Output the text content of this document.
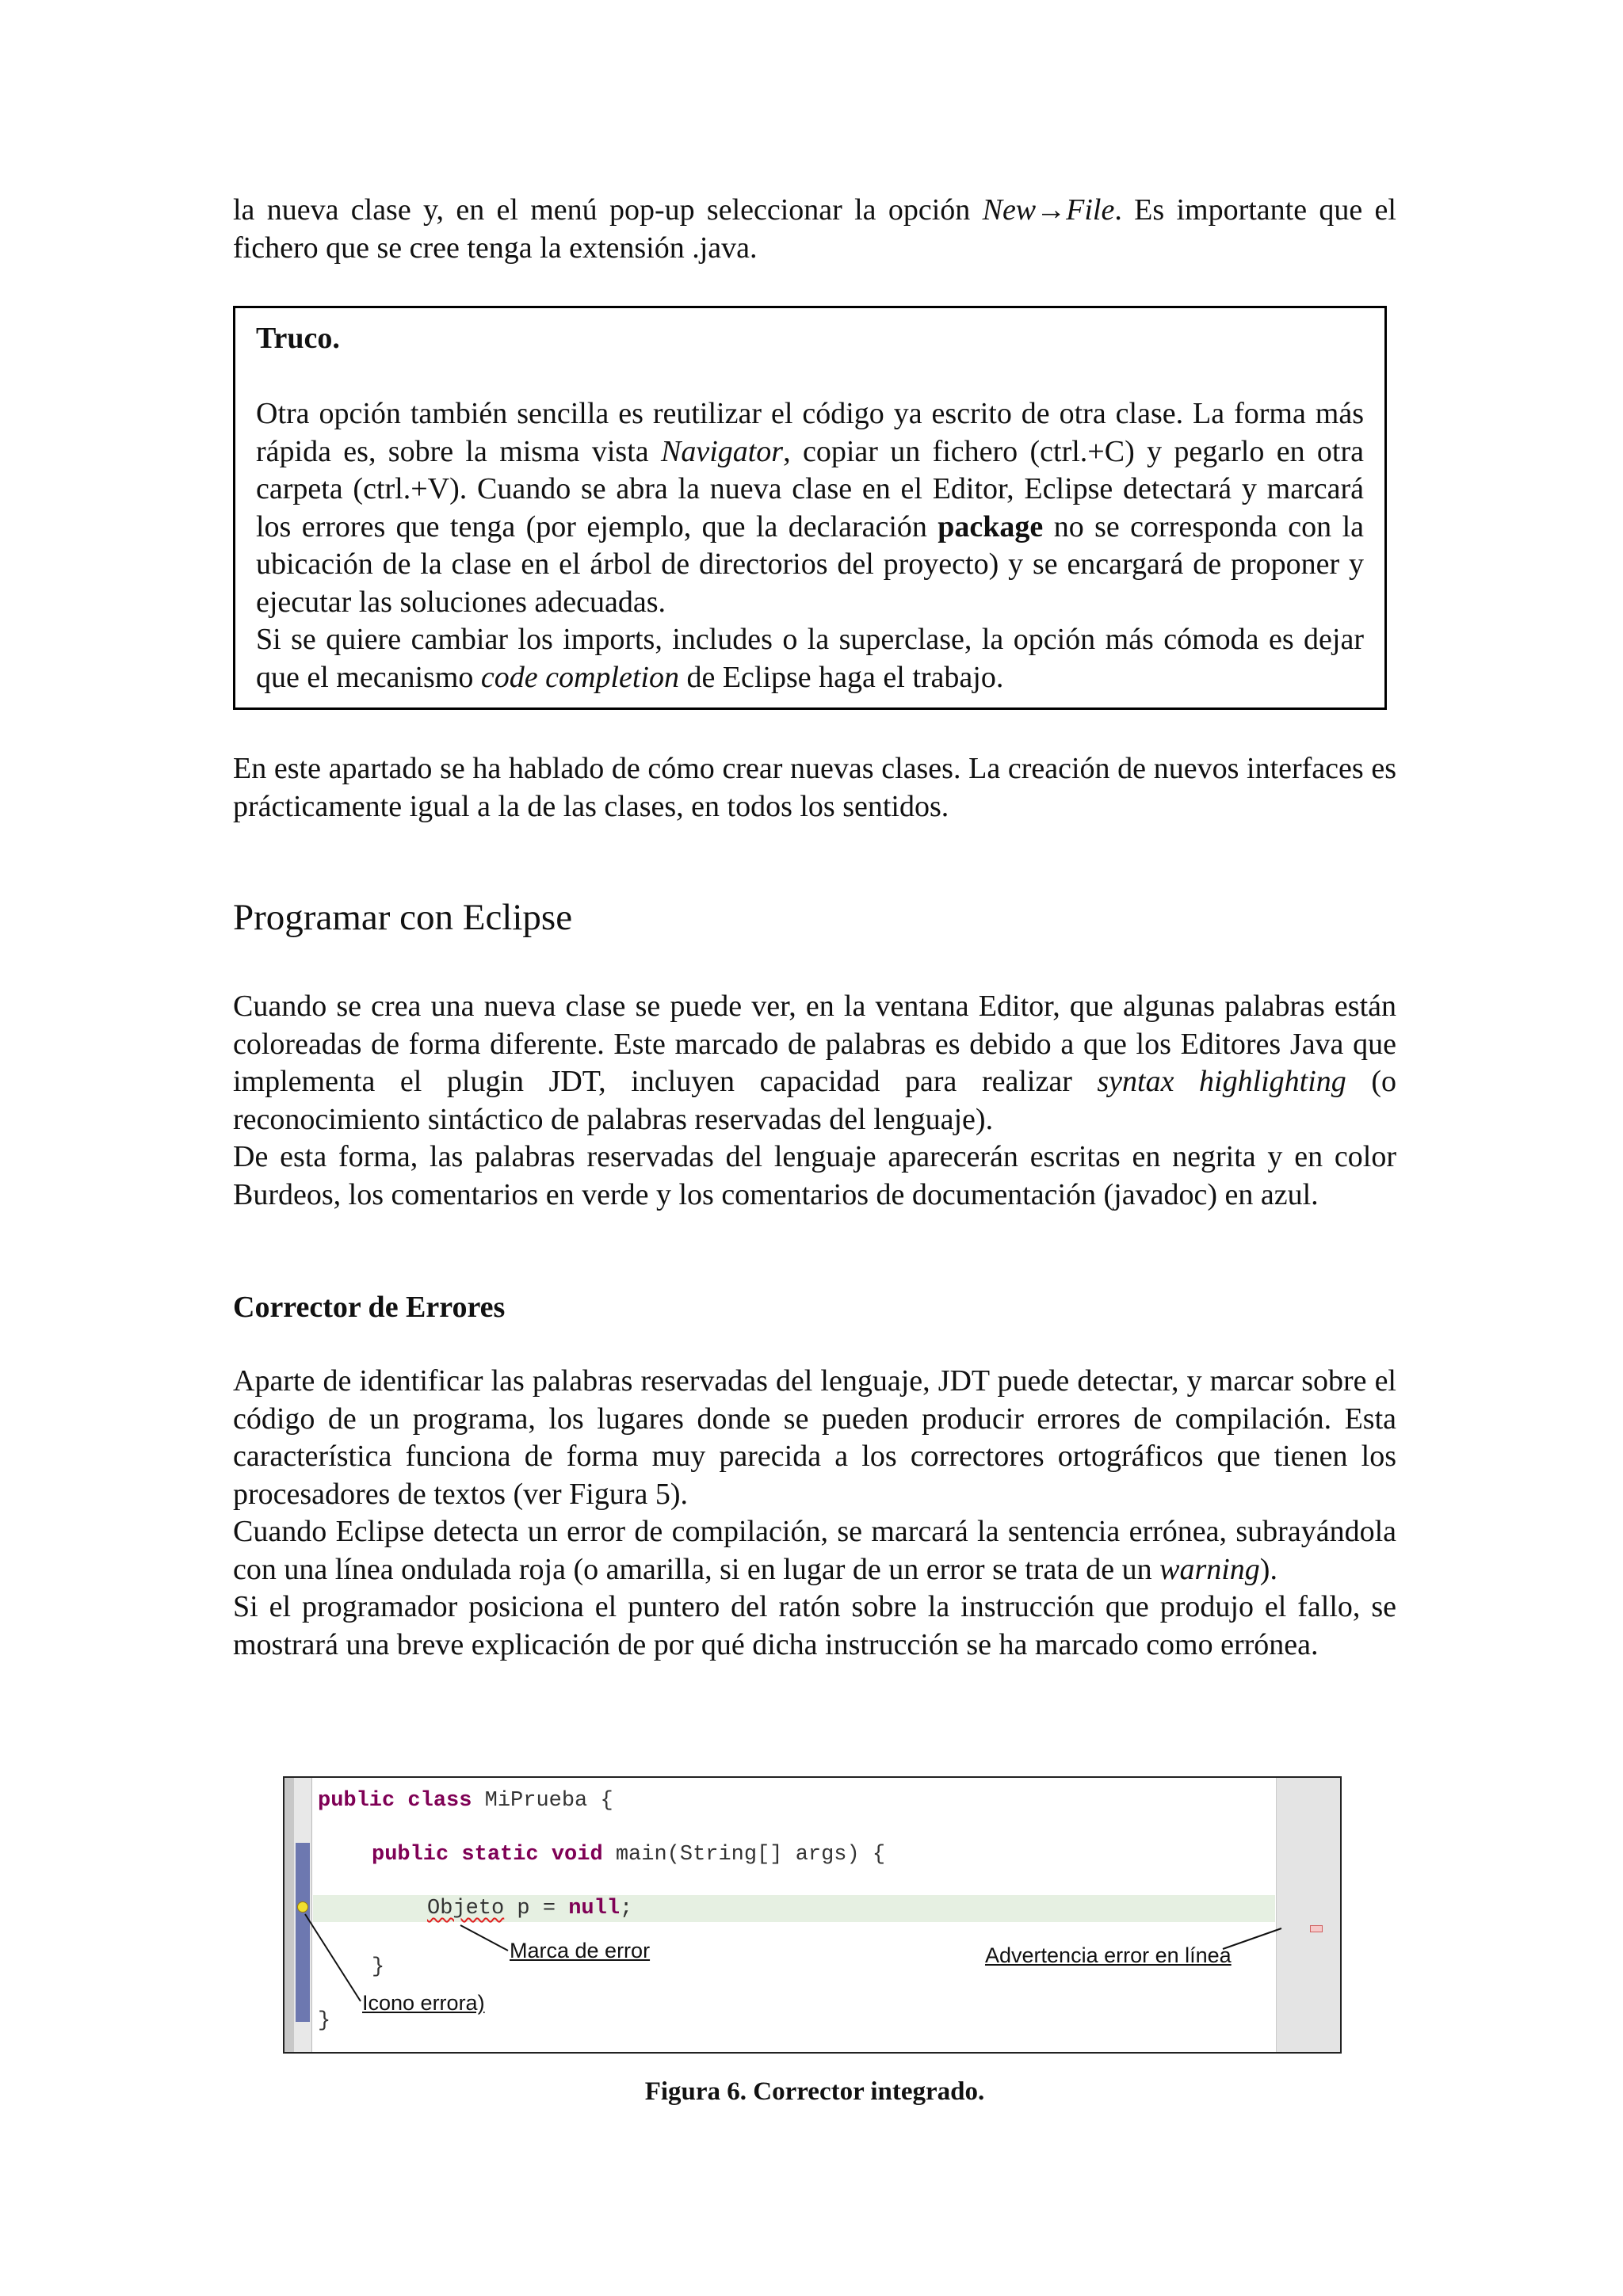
la nueva clase y, en el menú pop-up seleccionar la opción New→File. Es importante que el fichero que se cree tenga la extensión .java.

Truco.

Otra opción también sencilla es reutilizar el código ya escrito de otra clase. La forma más rápida es, sobre la misma vista Navigator, copiar un fichero (ctrl.+C) y pegarlo en otra carpeta (ctrl.+V). Cuando se abra la nueva clase en el Editor, Eclipse detectará y marcará los errores que tenga (por ejemplo, que la declaración package no se corresponda con la ubicación de la clase en el árbol de directorios del proyecto) y se encargará de proponer y ejecutar las soluciones adecuadas.

Si se quiere cambiar los imports, includes o la superclase, la opción más cómoda es dejar que el mecanismo code completion de Eclipse haga el trabajo.

En este apartado se ha hablado de cómo crear nuevas clases. La creación de nuevos interfaces es prácticamente igual a la de las clases, en todos los sentidos.

Programar con Eclipse

Cuando se crea una nueva clase se puede ver, en la ventana Editor, que algunas palabras están coloreadas de forma diferente. Este marcado de palabras es debido a que los Editores Java que implementa el plugin JDT, incluyen capacidad para realizar syntax highlighting (o reconocimiento sintáctico de palabras reservadas del lenguaje).

De esta forma, las palabras reservadas del lenguaje aparecerán escritas en negrita y en color Burdeos, los comentarios en verde y los comentarios de documentación (javadoc) en azul.

Corrector de Errores

Aparte de identificar las palabras reservadas del lenguaje, JDT puede detectar, y marcar sobre el código de un programa, los lugares donde se pueden producir errores de compilación. Esta característica funciona de forma muy parecida a los correctores ortográficos que tienen los procesadores de textos (ver Figura 5).

Cuando Eclipse detecta un error de compilación, se marcará la sentencia errónea, subrayándola con una línea ondulada roja (o amarilla, si en lugar de un error se trata de un warning).

Si el programador posiciona el puntero del ratón sobre la instrucción que produjo el fallo, se mostrará una breve explicación de por qué dicha instrucción se ha marcado como errónea.

public class MiPrueba {
public static void main(String[] args) {
Objeto p = null;
}
}
Marca de error	Advertencia error en línea
Icono errora)
Figura 6. Corrector integrado.
